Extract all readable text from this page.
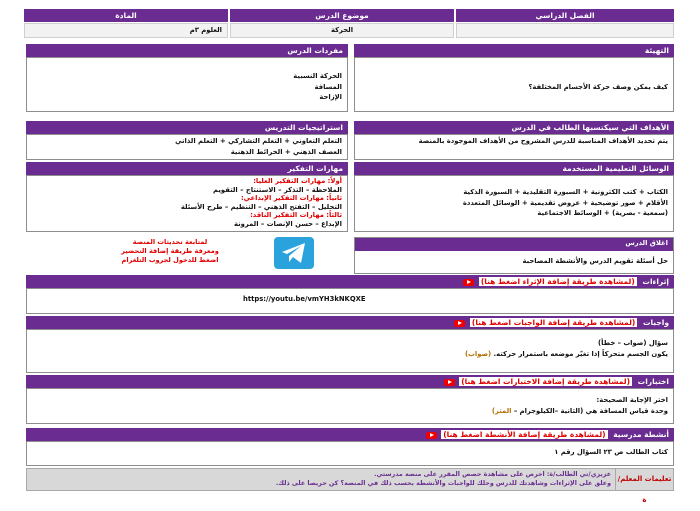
المادة	موضوع الدرس	الفصل الدراسي
العلوم ٣م	الحركة
التهيئة
كيف يمكن وصف حركة الأجسام المختلفة؟
مفردات الدرس
الحركة النسبية
المسافة
الإزاحة
الأهداف التي سيكتسبها الطالب في الدرس
يتم تحديد الأهداف المناسبة للدرس المشروح من الأهداف الموجودة بالمنصة
استراتيجيات التدريس
التعلم التعاوني + التعلم التشاركي + التعلم الذاتي
العصف الذهني + الخرائط الذهنية
الوسائل التعليمية المستخدمة
الكتاب + كتب الكترونية + السبورة التقليدية + السبورة الذكية
الأقلام + صور توضيحية + عروض تقديمية + الوسائل المتعددة
(سمعية - بصرية) + الوسائط الاجتماعية
مهارات التفكير
أولاً: مهارات التفكير العليا:
الملاحظة – التذكر – الاستنتاج – التقويم
ثانياً: مهارات التفكير الإبداعي:
التحليل – التفتح الذهني – التنظيم – طرح الأسئلة
ثالثاً: مهارات التفكير الناقد:
الإبداع – حسن الإنصات – المرونة
لمتابعة تحديثات المنصة
ومعرفة طريقة إضافة التحضير
اضغط للدخول لجروب التلغرام
اغلاق الدرس
حل أسئلة تقويم الدرس والأنشطة المصاحبة
إثراءات (لمشاهدة طريقة إضافة الإثراء اضغط هنا)
https://youtu.be/vmYH3kNKQXE
واجبات (لمشاهدة طريقة إضافة الواجبات اضغط هنا)
سؤال (صواب – خطأ)
يكون الجسم متحركاً إذا تغيّر موضعه باستمرار حركته. (صواب)
اختبارات (لمشاهدة طريقة إضافة الاختبارات اضغط هنا)
اختر الإجابة الصحيحة:
وحدة قياس المسافة هي (الثانية –الكيلوجرام – المتر)
أنشطة مدرسية (لمشاهدة طريقة إضافة الأنشطة اضغط هنا)
كتاب الطالب ص ٢٣ السؤال رقم ١
تعليمات المعلم/ة
عزيزي/تي الطالب/ة: احرص على مشاهدة حصص المقرر على منصة مدرستي.
وعلق على الإثراءات وشاهدتك للدرس وحلك للواجبات والأنشطة بحسب ذلك في المنصة؟ كن حريصا على ذلك.
